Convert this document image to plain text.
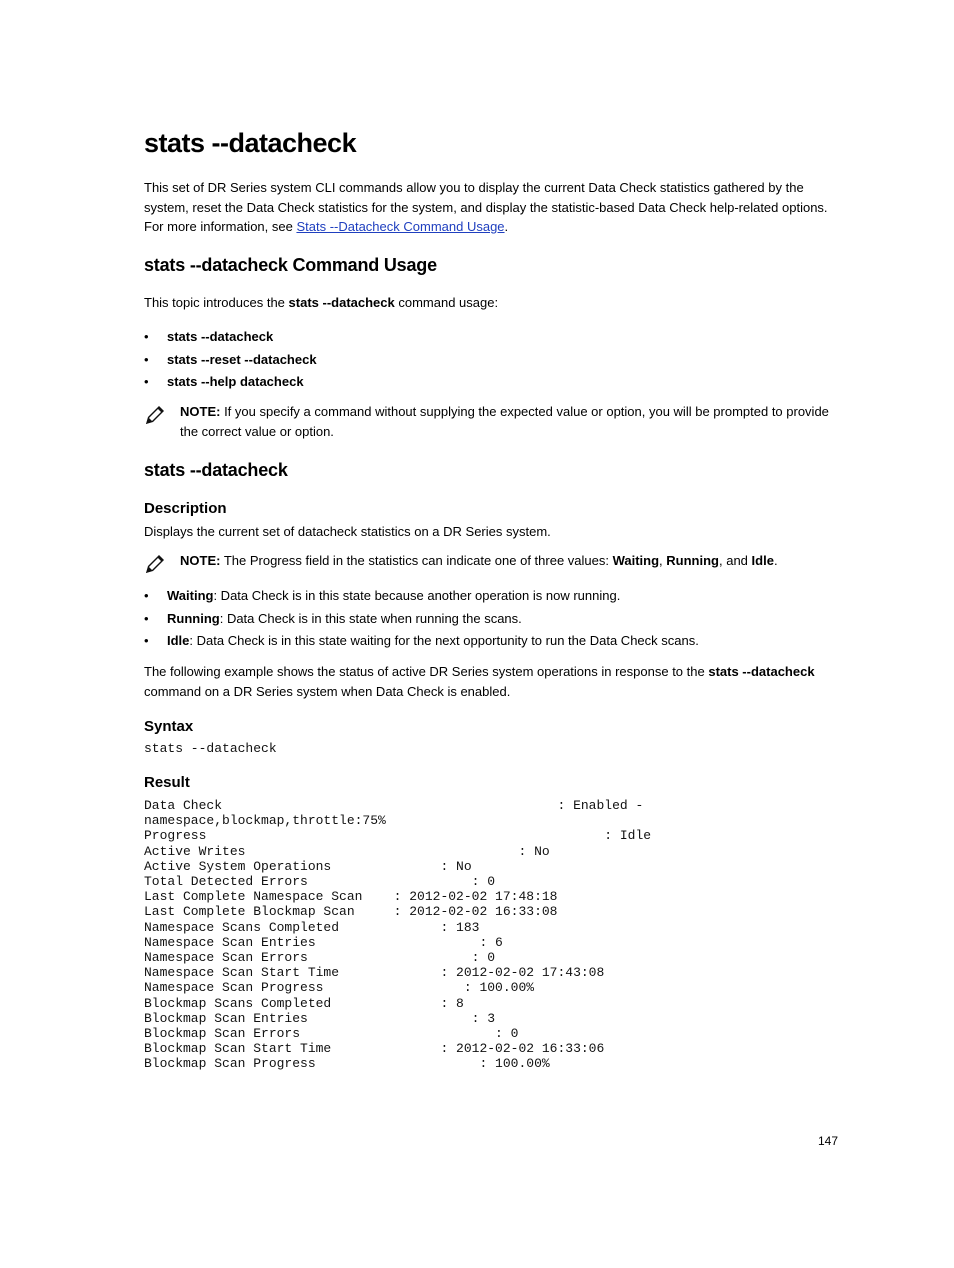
stats --datacheck

This set of DR Series system CLI commands allow you to display the current Data Check statistics gathered by the system, reset the Data Check statistics for the system, and display the statistic-based Data Check help-related options. For more information, see Stats --Datacheck Command Usage.

stats --datacheck Command Usage

This topic introduces the stats --datacheck command usage:

• stats --datacheck
• stats --reset --datacheck
• stats --help datacheck

NOTE: If you specify a command without supplying the expected value or option, you will be prompted to provide the correct value or option.

stats --datacheck
Description

Displays the current set of datacheck statistics on a DR Series system.

NOTE: The Progress field in the statistics can indicate one of three values: Waiting, Running, and Idle.

• Waiting: Data Check is in this state because another operation is now running.
• Running: Data Check is in this state when running the scans.
• Idle: Data Check is in this state waiting for the next opportunity to run the Data Check scans.

The following example shows the status of active DR Series system operations in response to the stats --datacheck command on a DR Series system when Data Check is enabled.

Syntax
stats --datacheck
Result
Data Check                                           : Enabled -
namespace,blockmap,throttle:75%
Progress                                                   : Idle
Active Writes                                   : No
Active System Operations              : No
Total Detected Errors                     : 0
Last Complete Namespace Scan    : 2012-02-02 17:48:18
Last Complete Blockmap Scan     : 2012-02-02 16:33:08
Namespace Scans Completed             : 183
Namespace Scan Entries                     : 6
Namespace Scan Errors                     : 0
Namespace Scan Start Time             : 2012-02-02 17:43:08
Namespace Scan Progress                  : 100.00%
Blockmap Scans Completed              : 8
Blockmap Scan Entries                     : 3
Blockmap Scan Errors                         : 0
Blockmap Scan Start Time              : 2012-02-02 16:33:06
Blockmap Scan Progress                     : 100.00%
147
